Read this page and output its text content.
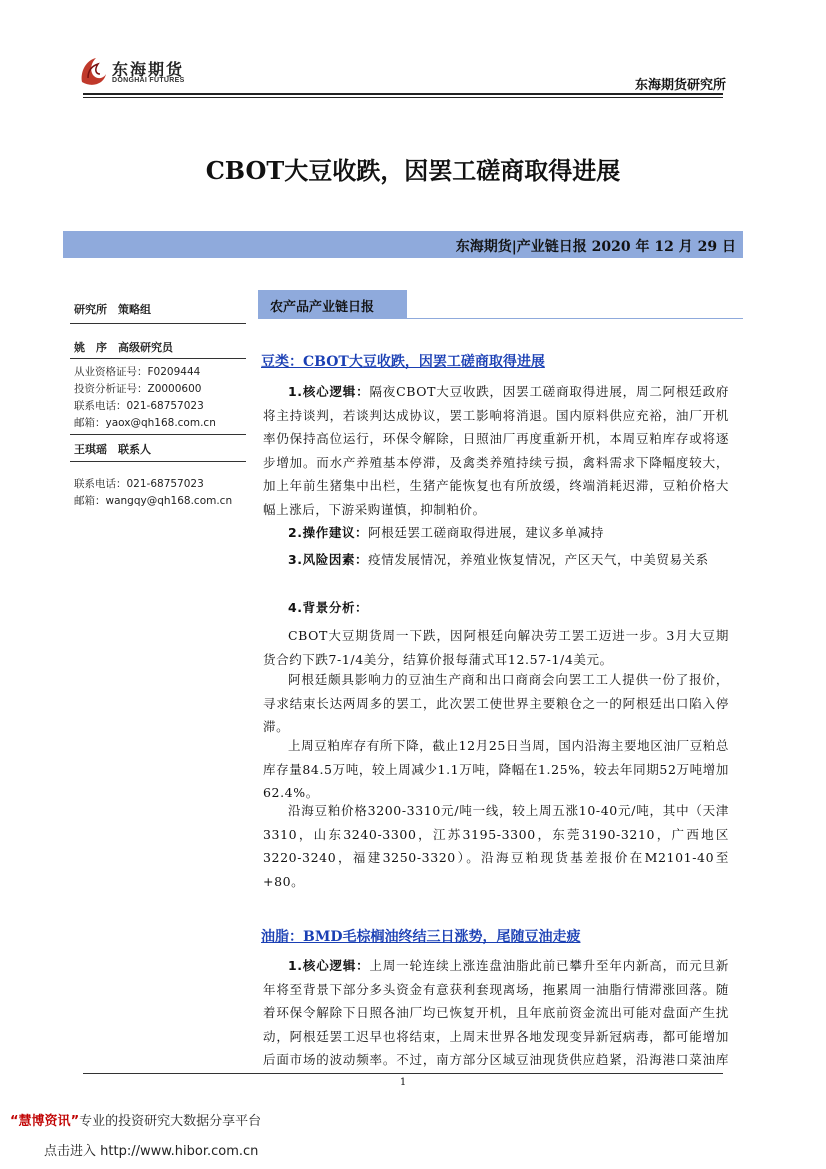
东海期货
DONGHAI FUTURES	东海期货研究所
CBOT大豆收跌，因罢工磋商取得进展
东海期货|产业链日报 2020 年 12 月 29 日
研究所　策略组
姚　序　高级研究员
从业资格证号：F0209444
投资分析证号：Z0000600
联系电话：021-68757023
邮箱：yaox@qh168.com.cn
王琪瑶　联系人
联系电话：021-68757023
邮箱：wangqy@qh168.com.cn
农产品产业链日报
豆类：CBOT大豆收跌，因罢工磋商取得进展

1.核心逻辑：隔夜CBOT大豆收跌，因罢工磋商取得进展，周二阿根廷政府将主持谈判，若谈判达成协议，罢工影响将消退。国内原料供应充裕，油厂开机率仍保持高位运行，环保令解除，日照油厂再度重新开机，本周豆粕库存或将逐步增加。而水产养殖基本停滞，及禽类养殖持续亏损，禽料需求下降幅度较大，加上年前生猪集中出栏，生猪产能恢复也有所放缓，终端消耗迟滞，豆粕价格大幅上涨后，下游采购谨慎，抑制粕价。

2.操作建议：阿根廷罢工磋商取得进展，建议多单减持

3.风险因素：疫情发展情况，养殖业恢复情况，产区天气，中美贸易关系

4.背景分析：

CBOT大豆期货周一下跌，因阿根廷向解决劳工罢工迈进一步。3月大豆期货合约下跌7-1/4美分，结算价报每蒲式耳12.57-1/4美元。

阿根廷颇具影响力的豆油生产商和出口商商会向罢工工人提供一份了报价，寻求结束长达两周多的罢工，此次罢工使世界主要粮仓之一的阿根廷出口陷入停滞。

上周豆粕库存有所下降，截止12月25日当周，国内沿海主要地区油厂豆粕总库存量84.5万吨，较上周减少1.1万吨，降幅在1.25%，较去年同期52万吨增加62.4%。

沿海豆粕价格3200-3310元/吨一线，较上周五涨10-40元/吨，其中（天津3310，山东3240-3300，江苏3195-3300，东莞3190-3210，广西地区3220-3240，福建3250-3320）。沿海豆粕现货基差报价在M2101-40至+80。

油脂：BMD毛棕榈油终结三日涨势，尾随豆油走疲

1.核心逻辑：上周一轮连续上涨连盘油脂此前已攀升至年内新高，而元旦新年将至背景下部分多头资金有意获利套现离场，拖累周一油脂行情滞涨回落。随着环保令解除下日照各油厂均已恢复开机，且年底前资金流出可能对盘面产生扰动，阿根廷罢工迟早也将结束，上周末世界各地发现变异新冠病毒，都可能增加后面市场的波动频率。不过，南方部分区域豆油现货供应趋紧，沿海港口菜油库

1
“慧博资讯”专业的投资研究大数据分享平台
点击进入 http://www.hibor.com.cn
